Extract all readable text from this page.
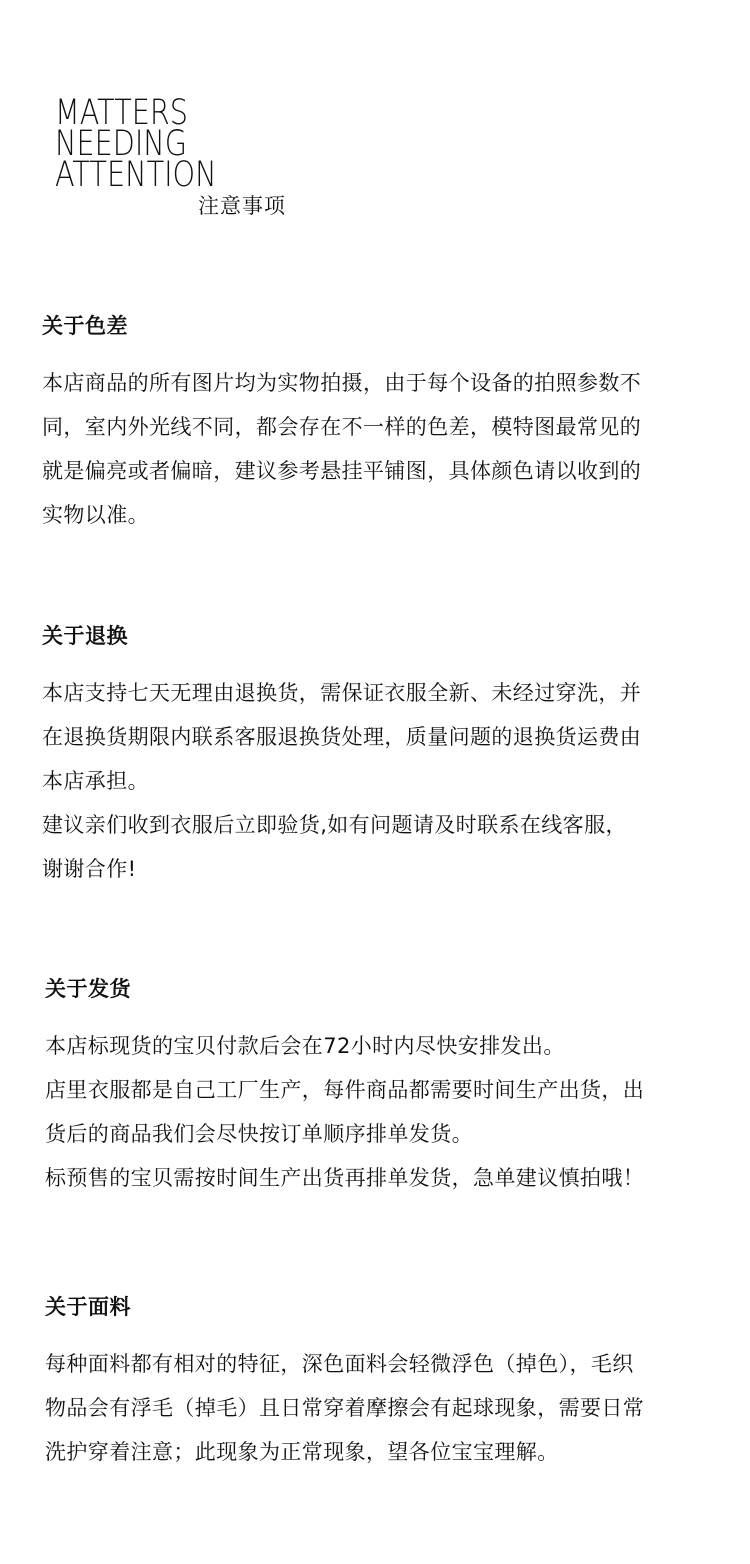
MATTERS
NEEDING
ATTENTION
注意事项
关于色差
本店商品的所有图片均为实物拍摄，由于每个设备的拍照参数不
同，室内外光线不同，都会存在不一样的色差，模特图最常见的
就是偏亮或者偏暗，建议参考悬挂平铺图，具体颜色请以收到的
实物以准。
关于退换
本店支持七天无理由退换货，需保证衣服全新、未经过穿洗，并
在退换货期限内联系客服退换货处理，质量问题的退换货运费由
本店承担。
建议亲们收到衣服后立即验货,如有问题请及时联系在线客服，
谢谢合作!
关于发货
本店标现货的宝贝付款后会在72小时内尽快安排发出。
店里衣服都是自己工厂生产，每件商品都需要时间生产出货，出
货后的商品我们会尽快按订单顺序排单发货。
标预售的宝贝需按时间生产出货再排单发货，急单建议慎拍哦！
关于面料
每种面料都有相对的特征，深色面料会轻微浮色（掉色），毛织
物品会有浮毛（掉毛）且日常穿着摩擦会有起球现象，需要日常
洗护穿着注意；此现象为正常现象，望各位宝宝理解。
